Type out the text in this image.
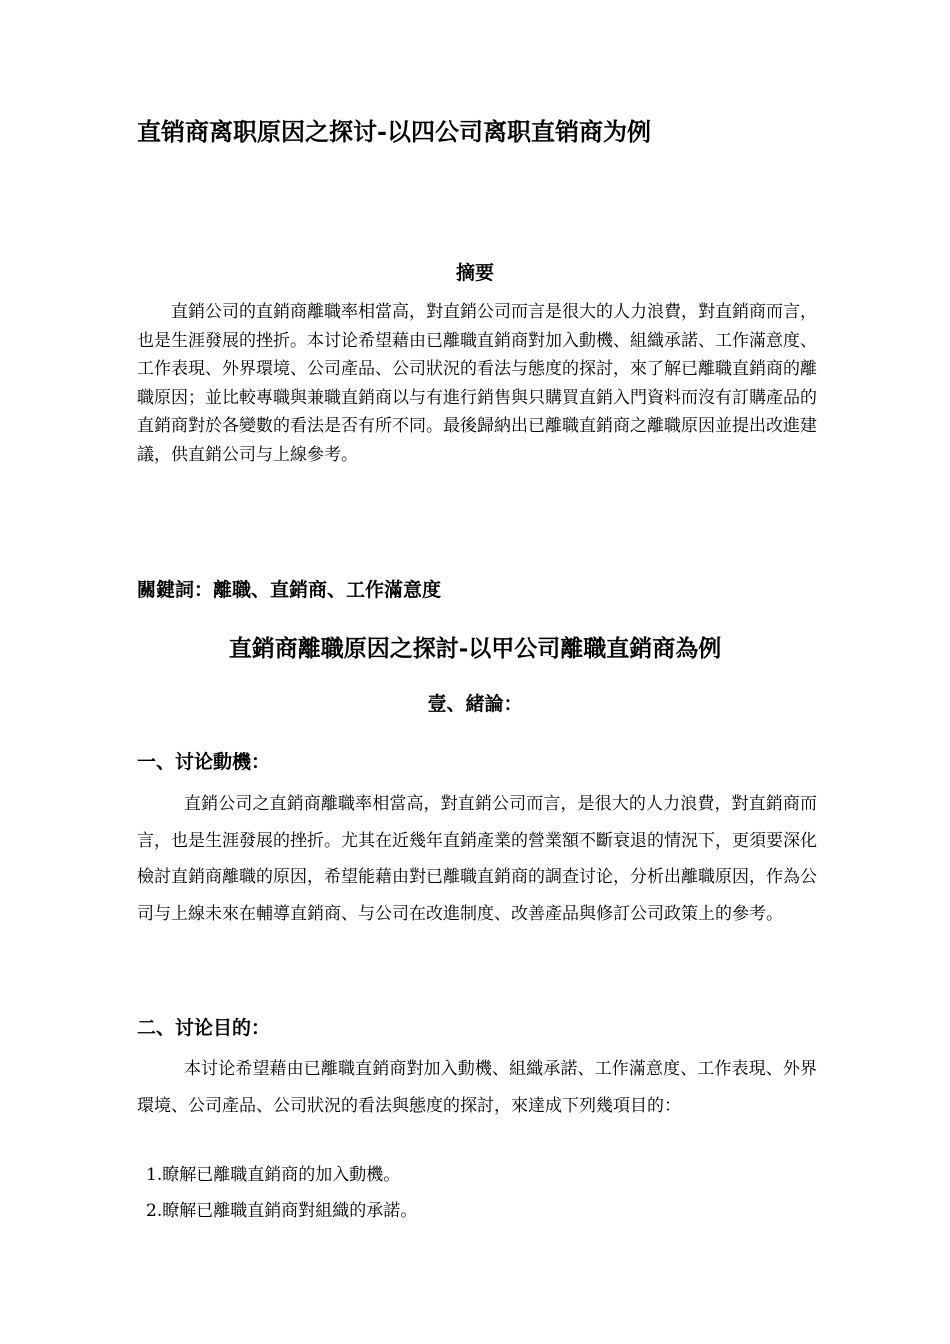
直销商离职原因之探讨-以四公司离职直销商为例
摘要

直銷公司的直銷商離職率相當高，對直銷公司而言是很大的人力浪費，對直銷商而言，也是生涯發展的挫折。本讨论希望藉由已離職直銷商對加入動機、組織承諾、工作滿意度、工作表現、外界環境、公司產品、公司狀況的看法与態度的探討，來了解已離職直銷商的離職原因；並比較專職與兼職直銷商以与有進行銷售與只購買直銷入門資料而沒有訂購產品的直銷商對於各變數的看法是否有所不同。最後歸納出已離職直銷商之離職原因並提出改進建議，供直銷公司与上線參考。

關鍵詞：離職、直銷商、工作滿意度
直銷商離職原因之探討-以甲公司離職直銷商為例
壹、緒論：
一、讨论動機：

直銷公司之直銷商離職率相當高，對直銷公司而言，是很大的人力浪費，對直銷商而言，也是生涯發展的挫折。尤其在近幾年直銷產業的營業額不斷衰退的情況下，更須要深化檢討直銷商離職的原因，希望能藉由對已離職直銷商的調查讨论，分析出離職原因，作為公司与上線未來在輔導直銷商、与公司在改進制度、改善產品與修訂公司政策上的參考。

二、讨论目的：

本讨论希望藉由已離職直銷商對加入動機、組織承諾、工作滿意度、工作表現、外界環境、公司產品、公司狀況的看法與態度的探討，來達成下列幾項目的：

1.瞭解已離職直銷商的加入動機。
2.瞭解已離職直銷商對組織的承諾。
